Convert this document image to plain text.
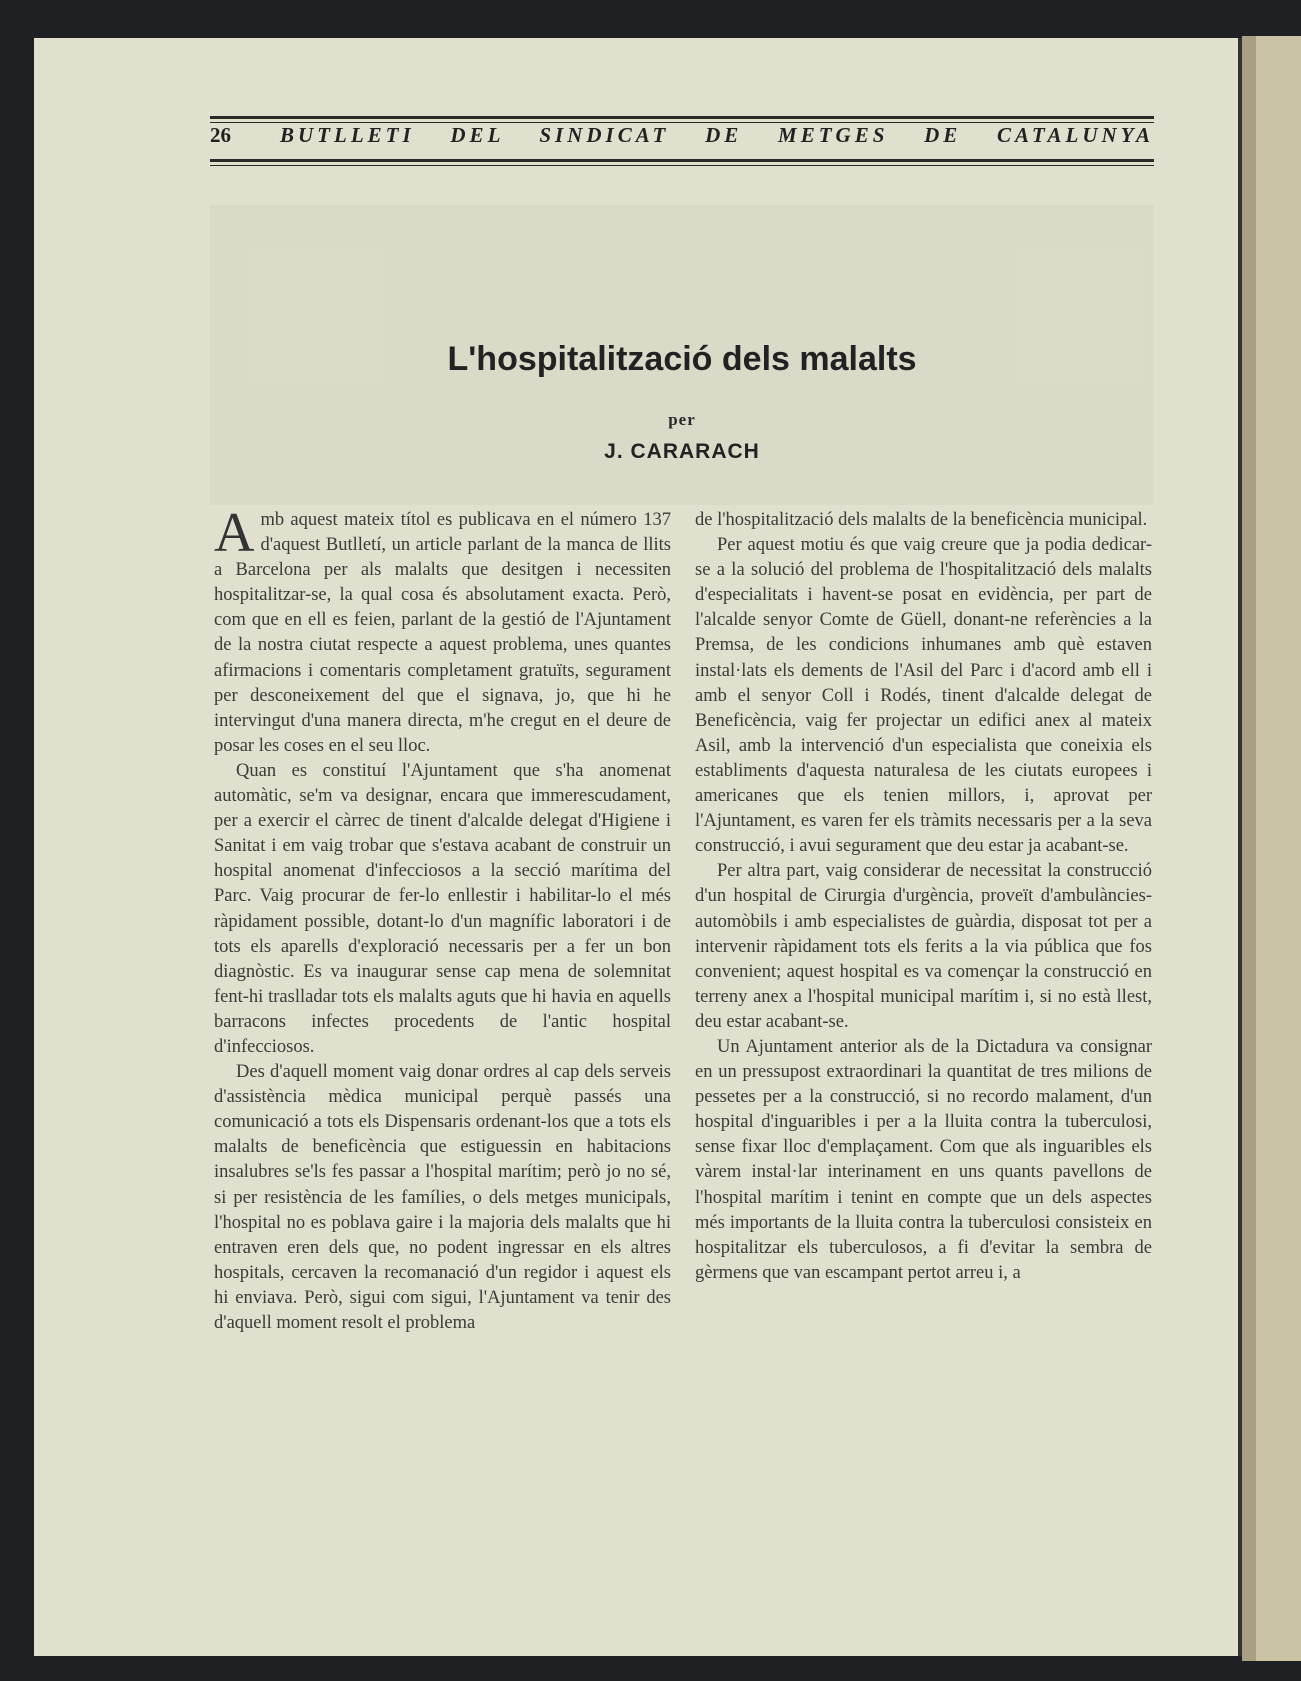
26	BUTLLETI DEL SINDICAT DE METGES DE CATALUNYA
L'hospitalització dels malalts
per
J. CARARACH

Amb aquest mateix títol es publicava en el número 137 d'aquest Butlletí, un article parlant de la manca de llits a Barcelona per als malalts que desitgen i necessiten hospitalitzar-se, la qual cosa és absolutament exacta. Però, com que en ell es feien, parlant de la gestió de l'Ajuntament de la nostra ciutat respecte a aquest problema, unes quantes afirmacions i comentaris completament gratuïts, segurament per desconeixement del que el signava, jo, que hi he intervingut d'una manera directa, m'he cregut en el deure de posar les coses en el seu lloc.

Quan es constituí l'Ajuntament que s'ha anomenat automàtic, se'm va designar, encara que immerescudament, per a exercir el càrrec de tinent d'alcalde delegat d'Higiene i Sanitat i em vaig trobar que s'estava acabant de construir un hospital anomenat d'infecciosos a la secció marítima del Parc. Vaig procurar de fer-lo enllestir i habilitar-lo el més ràpidament possible, dotant-lo d'un magnífic laboratori i de tots els aparells d'exploració necessaris per a fer un bon diagnòstic. Es va inaugurar sense cap mena de solemnitat fent-hi traslladar tots els malalts aguts que hi havia en aquells barracons infectes procedents de l'antic hospital d'infecciosos.

Des d'aquell moment vaig donar ordres al cap dels serveis d'assistència mèdica municipal perquè passés una comunicació a tots els Dispensaris ordenant-los que a tots els malalts de beneficència que estiguessin en habitacions insalubres se'ls fes passar a l'hospital marítim; però jo no sé, si per resistència de les famílies, o dels metges municipals, l'hospital no es poblava gaire i la majoria dels malalts que hi entraven eren dels que, no podent ingressar en els altres hospitals, cercaven la recomanació d'un regidor i aquest els hi enviava. Però, sigui com sigui, l'Ajuntament va tenir des d'aquell moment resolt el problema

de l'hospitalització dels malalts de la beneficència municipal.

Per aquest motiu és que vaig creure que ja podia dedicar-se a la solució del problema de l'hospitalització dels malalts d'especialitats i havent-se posat en evidència, per part de l'alcalde senyor Comte de Güell, donant-ne referències a la Premsa, de les condicions inhumanes amb què estaven instal·lats els dements de l'Asil del Parc i d'acord amb ell i amb el senyor Coll i Rodés, tinent d'alcalde delegat de Beneficència, vaig fer projectar un edifici anex al mateix Asil, amb la intervenció d'un especialista que coneixia els establiments d'aquesta naturalesa de les ciutats europees i americanes que els tenien millors, i, aprovat per l'Ajuntament, es varen fer els tràmits necessaris per a la seva construcció, i avui segurament que deu estar ja acabant-se.

Per altra part, vaig considerar de necessitat la construcció d'un hospital de Cirurgia d'urgència, proveït d'ambulàncies-automòbils i amb especialistes de guàrdia, disposat tot per a intervenir ràpidament tots els ferits a la via pública que fos convenient; aquest hospital es va començar la construcció en terreny anex a l'hospital municipal marítim i, si no està llest, deu estar acabant-se.

Un Ajuntament anterior als de la Dictadura va consignar en un pressupost extraordinari la quantitat de tres milions de pessetes per a la construcció, si no recordo malament, d'un hospital d'inguaribles i per a la lluita contra la tuberculosi, sense fixar lloc d'emplaçament. Com que als inguaribles els vàrem instal·lar interinament en uns quants pavellons de l'hospital marítim i tenint en compte que un dels aspectes més importants de la lluita contra la tuberculosi consisteix en hospitalitzar els tuberculosos, a fi d'evitar la sembra de gèrmens que van escampant pertot arreu i, a
